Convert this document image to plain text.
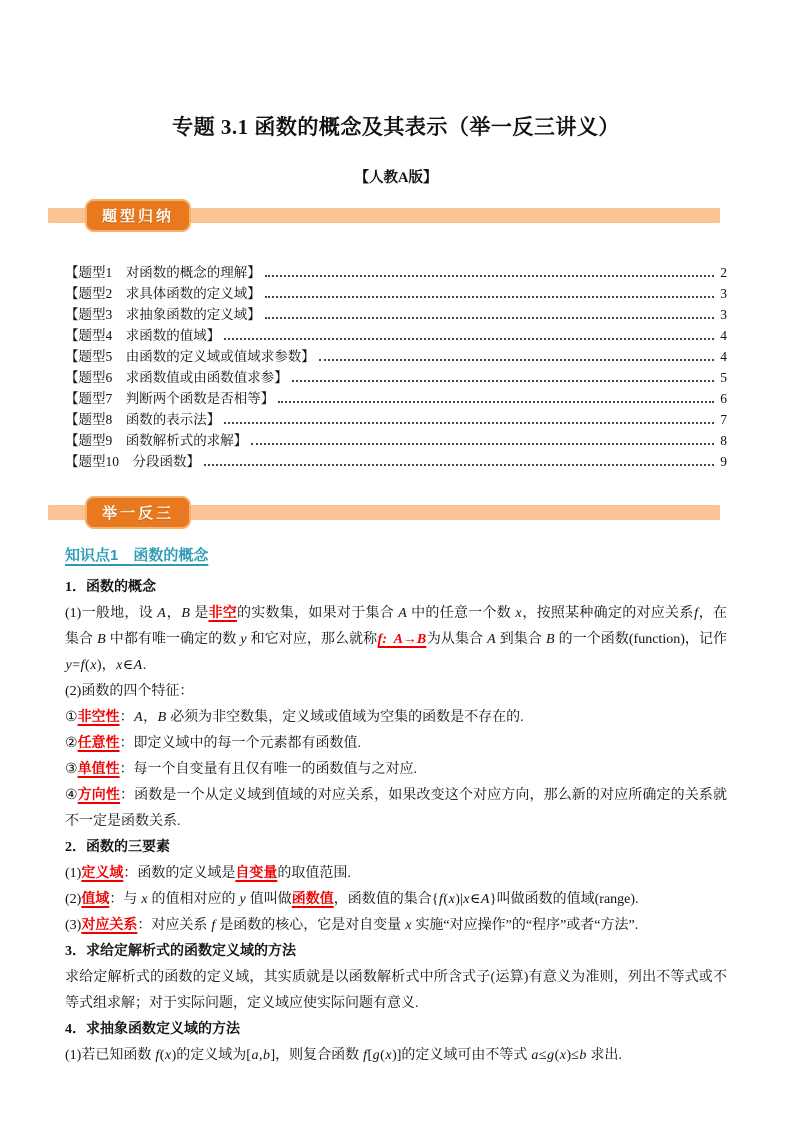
专题 3.1 函数的概念及其表示（举一反三讲义）
【人教A版】
题型归纳
【题型1　对函数的概念的理解】	2
【题型2　求具体函数的定义域】	3
【题型3　求抽象函数的定义域】	3
【题型4　求函数的值域】	4
【题型5　由函数的定义域或值域求参数】	4
【题型6　求函数值或由函数值求参】	5
【题型7　判断两个函数是否相等】	6
【题型8　函数的表示法】	7
【题型9　函数解析式的求解】	8
【题型10　分段函数】	9
举一反三
知识点1　函数的概念
1．函数的概念
(1)一般地，设 A，B 是非空的实数集，如果对于集合 A 中的任意一个数 x，按照某种确定的对应关系f，在集合 B 中都有唯一确定的数 y 和它对应，那么就称f:  A→B为从集合 A 到集合 B 的一个函数(function)，记作 y=f(x)，x∈A.
(2)函数的四个特征：
①非空性：A，B 必须为非空数集，定义域或值域为空集的函数是不存在的.
②任意性：即定义域中的每一个元素都有函数值.
③单值性：每一个自变量有且仅有唯一的函数值与之对应.
④方向性：函数是一个从定义域到值域的对应关系，如果改变这个对应方向，那么新的对应所确定的关系就不一定是函数关系.
2．函数的三要素
(1)定义域：函数的定义域是自变量的取值范围.
(2)值域：与 x 的值相对应的 y 值叫做函数值，函数值的集合{f(x)|x∈A}叫做函数的值域(range).
(3)对应关系：对应关系 f 是函数的核心，它是对自变量 x 实施“对应操作”的“程序”或者“方法”.
3．求给定解析式的函数定义域的方法
求给定解析式的函数的定义域，其实质就是以函数解析式中所含式子(运算)有意义为准则，列出不等式或不等式组求解；对于实际问题，定义域应使实际问题有意义.
4．求抽象函数定义域的方法
(1)若已知函数 f(x)的定义域为[a,b]，则复合函数 f[g(x)]的定义域可由不等式 a≤g(x)≤b 求出.
